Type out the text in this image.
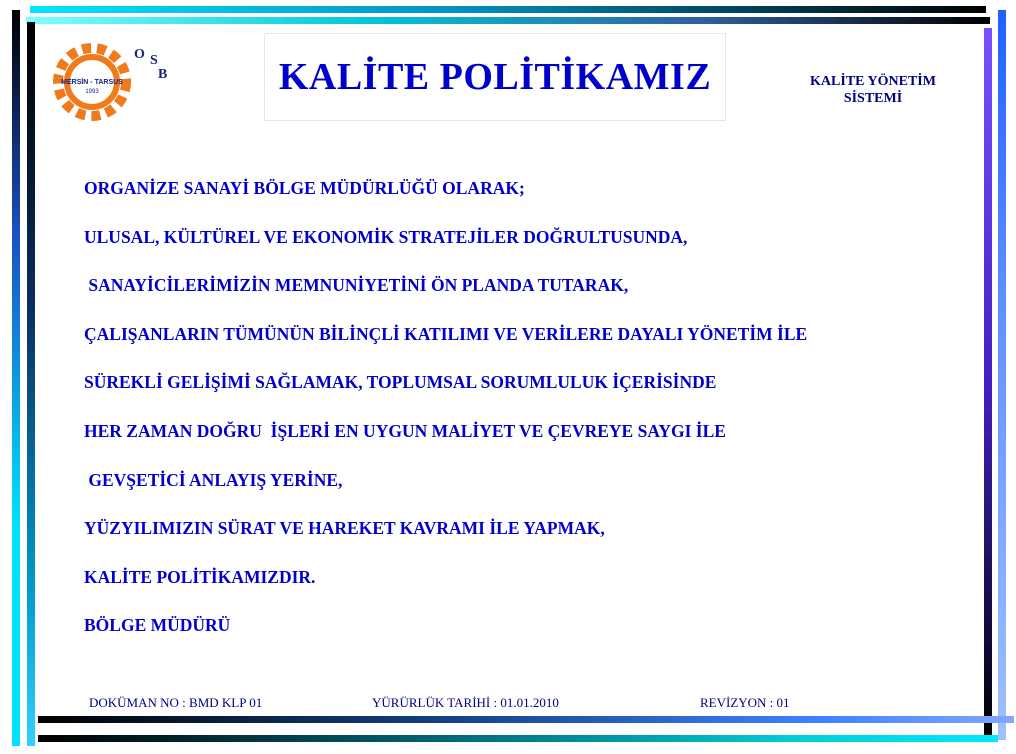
O S
B
MERSİN - TARSUS
1993	KALİTE POLİTİKAMIZ	KALİTE YÖNETİM
SİSTEMİ
ORGANİZE SANAYİ BÖLGE MÜDÜRLÜĞÜ OLARAK;
ULUSAL, KÜLTÜREL VE EKONOMİK STRATEJİLER DOĞRULTUSUNDA,
SANAYİCİLERİMİZİN MEMNUNİYETİNİ ÖN PLANDA TUTARAK,
ÇALIŞANLARIN TÜMÜNÜN BİLİNÇLİ KATILIMI VE VERİLERE DAYALI YÖNETİM İLE
SÜREKLİ GELİŞİMİ SAĞLAMAK, TOPLUMSAL SORUMLULUK İÇERİSİNDE
HER ZAMAN DOĞRU  İŞLERİ EN UYGUN MALİYET VE ÇEVREYE SAYGI İLE
GEVŞETİCİ ANLAYIŞ YERİNE,
YÜZYILIMIZIN SÜRAT VE HAREKET KAVRAMI İLE YAPMAK,
KALİTE POLİTİKAMIZDIR.
BÖLGE MÜDÜRÜ
DOKÜMAN NO : BMD KLP 01	YÜRÜRLÜK TARİHİ : 01.01.2010	REVİZYON : 01
